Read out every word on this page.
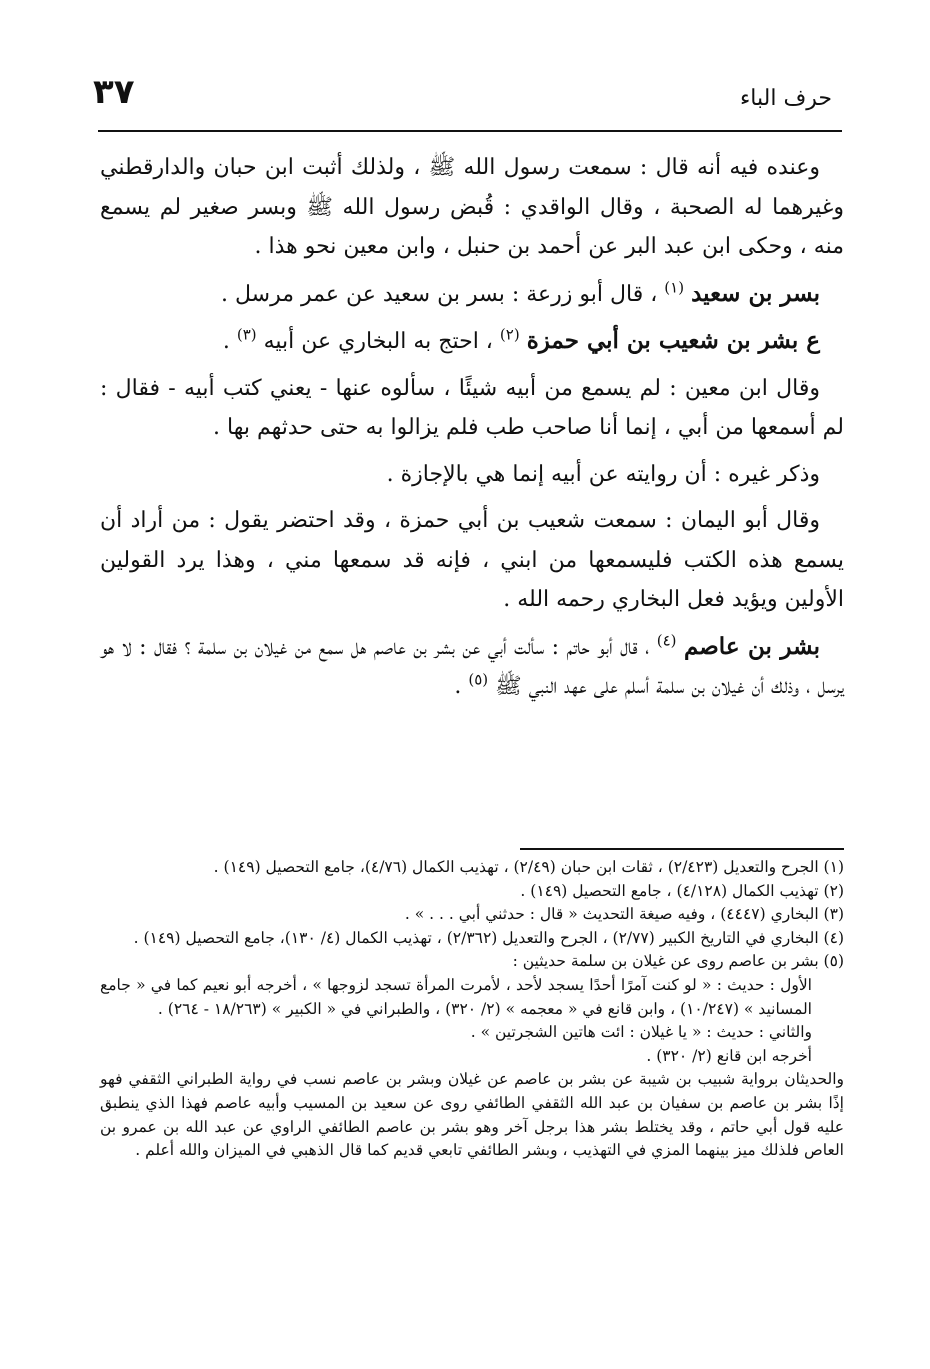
٣٧	حرف الباء

وعنده فيه أنه قال : سمعت رسول الله ﷺ ، ولذلك أثبت ابن حبان والدارقطني وغيرهما له الصحبة ، وقال الواقدي : قُبض رسول الله ﷺ وبسر صغير لم يسمع منه ، وحكى ابن عبد البر عن أحمد بن حنبل ، وابن معين نحو هذا .

بسر بن سعيد $^{(١)}$ ، قال أبو زرعة : بسر بن سعيد عن عمر مرسل .

ع بشر بن شعيب بن أبي حمزة $^{(٢)}$ ، احتج به البخاري عن أبيه $^{(٣)}$ .

وقال ابن معين : لم يسمع من أبيه شيئًا ، سألوه عنها - يعني كتب أبيه - فقال : لم أسمعها من أبي ، إنما أنا صاحب طب فلم يزالوا به حتى حدثهم بها .

وذكر غيره : أن روايته عن أبيه إنما هي بالإجازة .

وقال أبو اليمان : سمعت شعيب بن أبي حمزة ، وقد احتضر يقول : من أراد أن يسمع هذه الكتب فليسمعها من ابني ، فإنه قد سمعها مني ، وهذا يرد القولين الأولين ويؤيد فعل البخاري رحمه الله .

بشر بن عاصم $^{(٤)}$ ، قال أبو حاتم : سألت أبي عن بشر بن عاصم هل سمع من غيلان بن سلمة ؟ فقال : لا هو يرسل ، وذلك أن غيلان بن سلمة أسلم على عهد النبي ﷺ $^{(٥)}$ .

(١) الجرح والتعديل (٢/٤٢٣) ، ثقات ابن حبان (٢/٤٩) ، تهذيب الكمال (٤/٧٦)، جامع التحصيل (١٤٩) .

(٢) تهذيب الكمال (٤/١٢٨) ، جامع التحصيل (١٤٩) .

(٣) البخاري (٤٤٤٧) ، وفيه صيغة التحديث « قال : حدثني أبي . . . » .

(٤) البخاري في التاريخ الكبير (٢/٧٧) ، الجرح والتعديل (٢/٣٦٢) ، تهذيب الكمال (٤/ ١٣٠)، جامع التحصيل (١٤٩) .

(٥) بشر بن عاصم روى عن غيلان بن سلمة حديثين :

الأول : حديث : « لو كنت آمرًا أحدًا يسجد لأحد ، لأمرت المرأة تسجد لزوجها » ، أخرجه أبو نعيم كما في « جامع المسانيد » (١٠/٢٤٧) ، وابن قانع في « معجمه » (٢/ ٣٢٠) ، والطبراني في « الكبير » (١٨/٢٦٣ - ٢٦٤) .

والثاني : حديث : « يا غيلان : ائت هاتين الشجرتين » .

أخرجه ابن قانع (٢/ ٣٢٠) .

والحديثان برواية شبيب بن شيبة عن بشر بن عاصم عن غيلان وبشر بن عاصم نسب في رواية الطبراني الثقفي فهو إذًا بشر بن عاصم بن سفيان بن عبد الله الثقفي الطائفي روى عن سعيد بن المسيب وأبيه عاصم فهذا الذي ينطبق عليه قول أبي حاتم ، وقد يختلط بشر هذا برجل آخر وهو بشر بن عاصم الطائفي الراوي عن عبد الله بن عمرو بن العاص فلذلك ميز بينهما المزي في التهذيب ، وبشر الطائفي تابعي قديم كما قال الذهبي في الميزان والله أعلم .
